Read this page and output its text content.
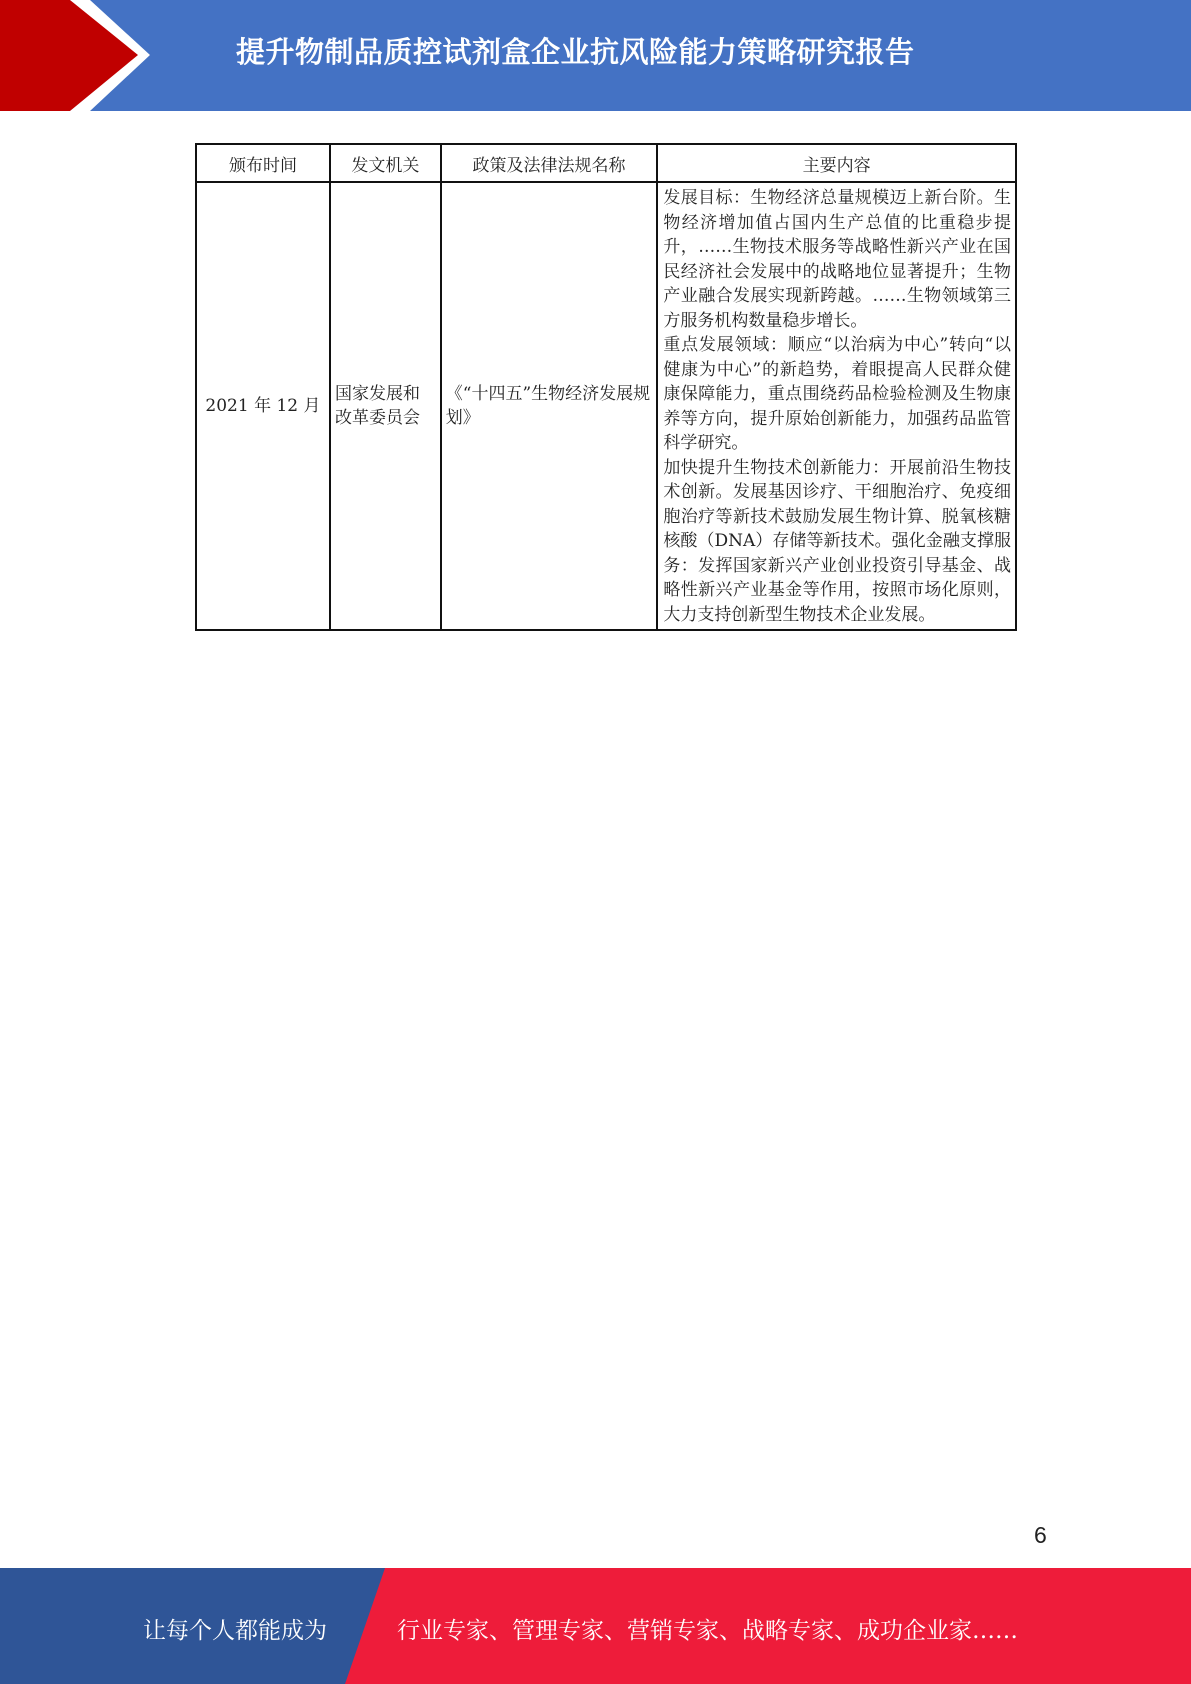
提升物制品质控试剂盒企业抗风险能力策略研究报告
颁布时间	发文机关	政策及法律法规名称	主要内容
2021 年 12 月	国家发展和改革委员会	《“十四五”生物经济发展规划》	发展目标：生物经济总量规模迈上新台阶。生物经济增加值占国内生产总值的比重稳步提升，……生物技术服务等战略性新兴产业在国民经济社会发展中的战略地位显著提升；生物产业融合发展实现新跨越。……生物领域第三方服务机构数量稳步增长。
重点发展领域：顺应“以治病为中心”转向“以健康为中心”的新趋势，着眼提高人民群众健康保障能力，重点围绕药品检验检测及生物康养等方向，提升原始创新能力，加强药品监管科学研究。
加快提升生物技术创新能力：开展前沿生物技术创新。发展基因诊疗、干细胞治疗、免疫细胞治疗等新技术鼓励发展生物计算、脱氧核糖核酸（DNA）存储等新技术。强化金融支撑服务：发挥国家新兴产业创业投资引导基金、战略性新兴产业基金等作用，按照市场化原则，大力支持创新型生物技术企业发展。
6
让每个人都能成为	行业专家、管理专家、营销专家、战略专家、成功企业家……
